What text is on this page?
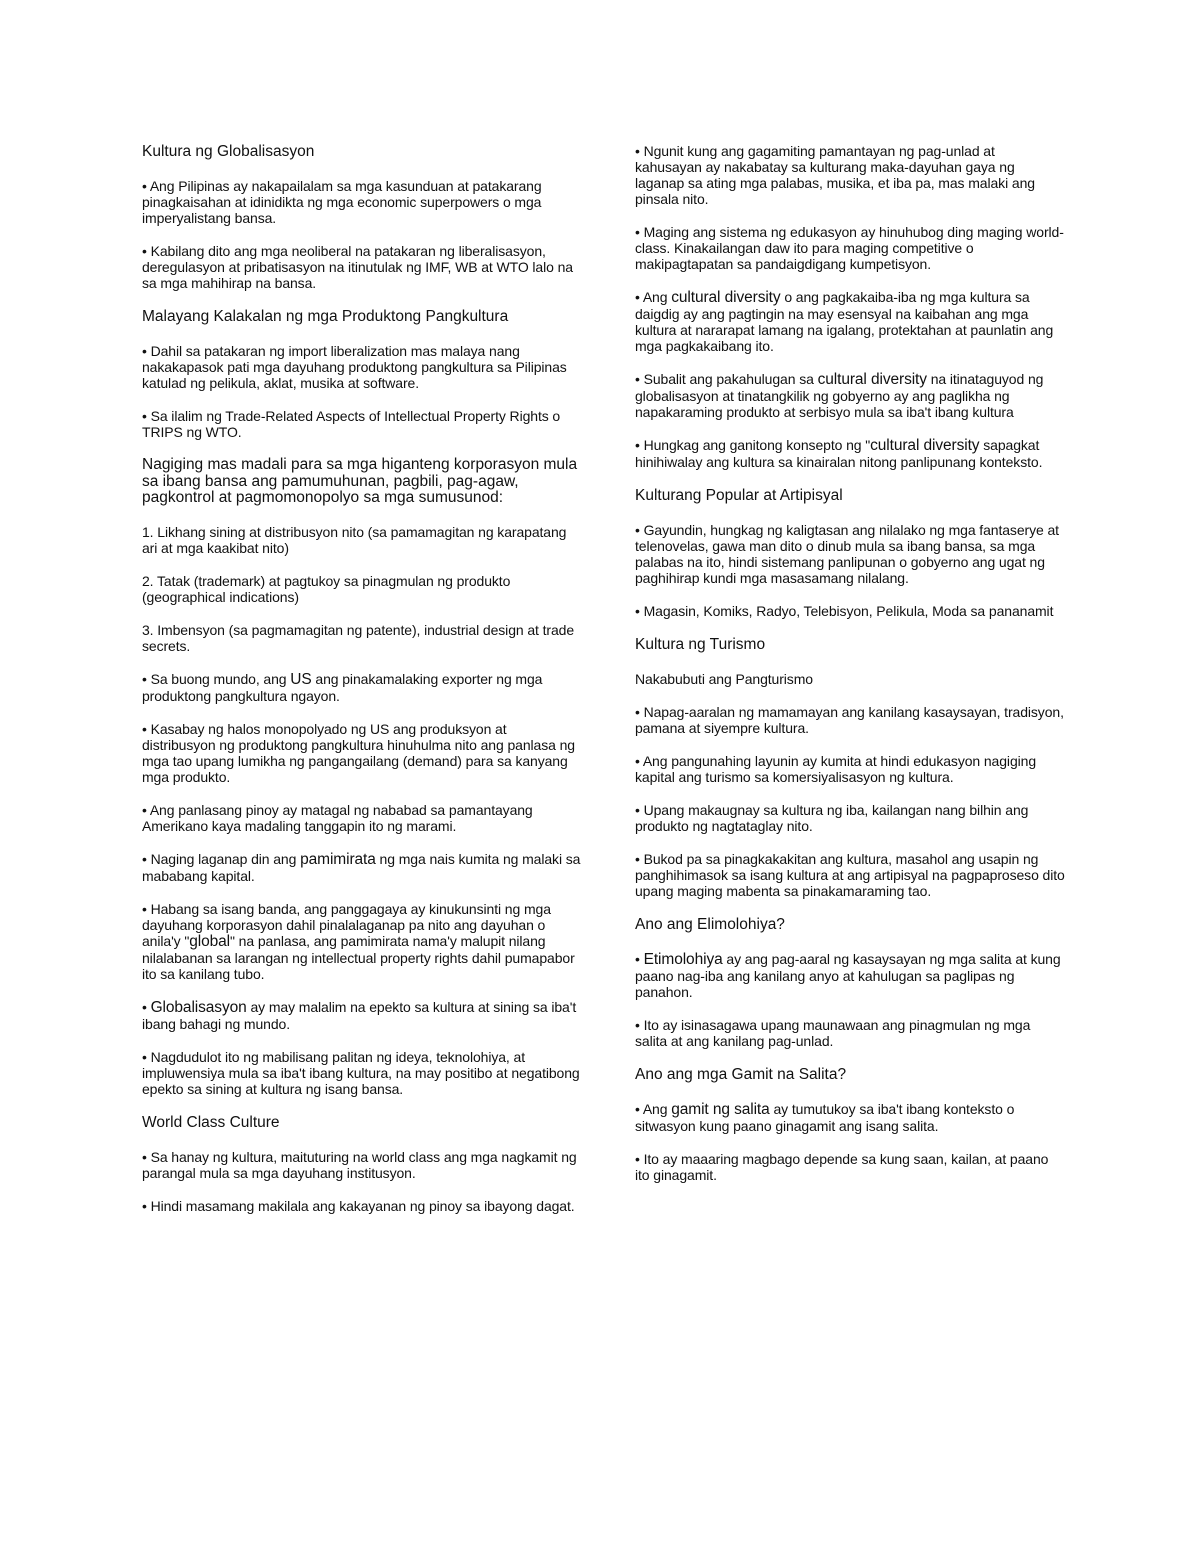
Kultura ng Globalisasyon
• Ang Pilipinas ay nakapailalam sa mga kasunduan at patakarang pinagkaisahan at idinidikta ng mga economic superpowers o mga imperyalistang bansa.
• Kabilang dito ang mga neoliberal na patakaran ng liberalisasyon, deregulasyon at pribatisasyon na itinutulak ng IMF, WB at WTO lalo na sa mga mahihirap na bansa.
Malayang Kalakalan ng mga Produktong Pangkultura
• Dahil sa patakaran ng import liberalization mas malaya nang nakakapasok pati mga dayuhang produktong pangkultura sa Pilipinas katulad ng pelikula, aklat, musika at software.
• Sa ilalim ng Trade-Related Aspects of Intellectual Property Rights o TRIPS ng WTO.
Nagiging mas madali para sa mga higanteng korporasyon mula sa ibang bansa ang pamumuhunan, pagbili, pag-agaw, pagkontrol at pagmomonopolyo sa mga sumusunod:
1. Likhang sining at distribusyon nito (sa pamamagitan ng karapatang ari at mga kaakibat nito)
2. Tatak (trademark) at pagtukoy sa pinagmulan ng produkto (geographical indications)
3. Imbensyon (sa pagmamagitan ng patente), industrial design at trade secrets.
• Sa buong mundo, ang US ang pinakamalaking exporter ng mga produktong pangkultura ngayon.
• Kasabay ng halos monopolyado ng US ang produksyon at distribusyon ng produktong pangkultura hinuhulma nito ang panlasa ng mga tao upang lumikha ng pangangailang (demand) para sa kanyang mga produkto.
• Ang panlasang pinoy ay matagal ng nababad sa pamantayang Amerikano kaya madaling tanggapin ito ng marami.
• Naging laganap din ang pamimirata ng mga nais kumita ng malaki sa mababang kapital.
• Habang sa isang banda, ang panggagaya ay kinukunsinti ng mga dayuhang korporasyon dahil pinalalaganap pa nito ang dayuhan o anila'y "global" na panlasa, ang pamimirata nama'y malupit nilang nilalabanan sa larangan ng intellectual property rights dahil pumapabor ito sa kanilang tubo.
• Globalisasyon ay may malalim na epekto sa kultura at sining sa iba't ibang bahagi ng mundo.
• Nagdudulot ito ng mabilisang palitan ng ideya, teknolohiya, at impluwensiya mula sa iba't ibang kultura, na may positibo at negatibong epekto sa sining at kultura ng isang bansa.
World Class Culture
• Sa hanay ng kultura, maituturing na world class ang mga nagkamit ng parangal mula sa mga dayuhang institusyon.
• Hindi masamang makilala ang kakayanan ng pinoy sa ibayong dagat.
• Ngunit kung ang gagamiting pamantayan ng pag-unlad at kahusayan ay nakabatay sa kulturang maka-dayuhan gaya ng laganap sa ating mga palabas, musika, et iba pa, mas malaki ang pinsala nito.
• Maging ang sistema ng edukasyon ay hinuhubog ding maging world-class. Kinakailangan daw ito para maging competitive o makipagtapatan sa pandaigdigang kumpetisyon.
• Ang cultural diversity o ang pagkakaiba-iba ng mga kultura sa daigdig ay ang pagtingin na may esensyal na kaibahan ang mga kultura at nararapat lamang na igalang, protektahan at paunlatin ang mga pagkakaibang ito.
• Subalit ang pakahulugan sa cultural diversity na itinataguyod ng globalisasyon at tinatangkilik ng gobyerno ay ang paglikha ng napakaraming produkto at serbisyo mula sa iba't ibang kultura
• Hungkag ang ganitong konsepto ng "cultural diversity sapagkat hinihiwalay ang kultura sa kinairalan nitong panlipunang konteksto.
Kulturang Popular at Artipisyal
• Gayundin, hungkag ng kaligtasan ang nilalako ng mga fantaserye at telenovelas, gawa man dito o dinub mula sa ibang bansa, sa mga palabas na ito, hindi sistemang panlipunan o gobyerno ang ugat ng paghihirap kundi mga masasamang nilalang.
• Magasin, Komiks, Radyo, Telebisyon, Pelikula, Moda sa pananamit
Kultura ng Turismo
Nakabubuti ang Pangturismo
• Napag-aaralan ng mamamayan ang kanilang kasaysayan, tradisyon, pamana at siyempre kultura.
• Ang pangunahing layunin ay kumita at hindi edukasyon nagiging kapital ang turismo sa komersiyalisasyon ng kultura.
• Upang makaugnay sa kultura ng iba, kailangan nang bilhin ang produkto ng nagtataglay nito.
• Bukod pa sa pinagkakakitan ang kultura, masahol ang usapin ng panghihimasok sa isang kultura at ang artipisyal na pagpaproseso dito upang maging mabenta sa pinakamaraming tao.
Ano ang Elimolohiya?
• Etimolohiya ay ang pag-aaral ng kasaysayan ng mga salita at kung paano nag-iba ang kanilang anyo at kahulugan sa paglipas ng panahon.
• Ito ay isinasagawa upang maunawaan ang pinagmulan ng mga salita at ang kanilang pag-unlad.
Ano ang mga Gamit na Salita?
• Ang gamit ng salita ay tumutukoy sa iba't ibang konteksto o sitwasyon kung paano ginagamit ang isang salita.
• Ito ay maaaring magbago depende sa kung saan, kailan, at paano ito ginagamit.
